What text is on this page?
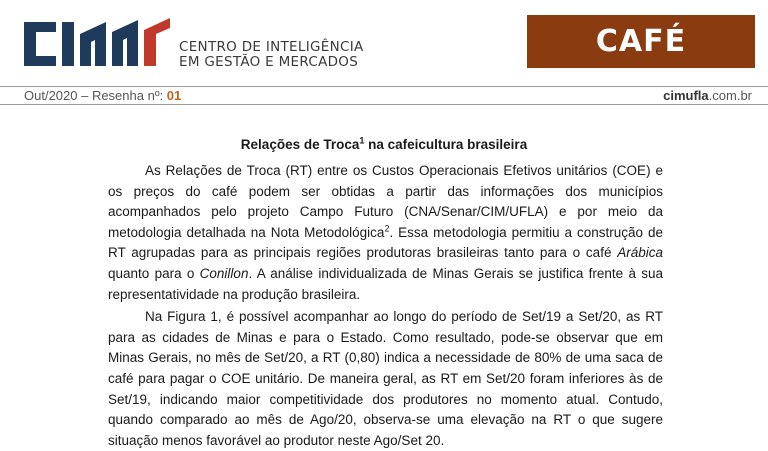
CENTRO DE INTELIGÊNCIA
EM GESTÃO E MERCADOS
CAFÉ
Out/2020 – Resenha nº: 01	cimufla.com.br
Relações de Troca$^1$ na cafeicultura brasileira

As Relações de Troca (RT) entre os Custos Operacionais Efetivos unitários (COE) e os preços do café podem ser obtidas a partir das informações dos municípios acompanhados pelo projeto Campo Futuro (CNA/Senar/CIM/UFLA) e por meio da metodologia detalhada na Nota Metodológica$^2$. Essa metodologia permitiu a construção de RT agrupadas para as principais regiões produtoras brasileiras tanto para o café Arábica quanto para o Conillon. A análise individualizada de Minas Gerais se justifica frente à sua representatividade na produção brasileira.

Na Figura 1, é possível acompanhar ao longo do período de Set/19 a Set/20, as RT para as cidades de Minas e para o Estado. Como resultado, pode-se observar que em Minas Gerais, no mês de Set/20, a RT (0,80) indica a necessidade de 80% de uma saca de café para pagar o COE unitário. De maneira geral, as RT em Set/20 foram inferiores às de Set/19, indicando maior competitividade dos produtores no momento atual. Contudo, quando comparado ao mês de Ago/20, observa-se uma elevação na RT o que sugere situação menos favorável ao produtor neste Ago/Set 20.
